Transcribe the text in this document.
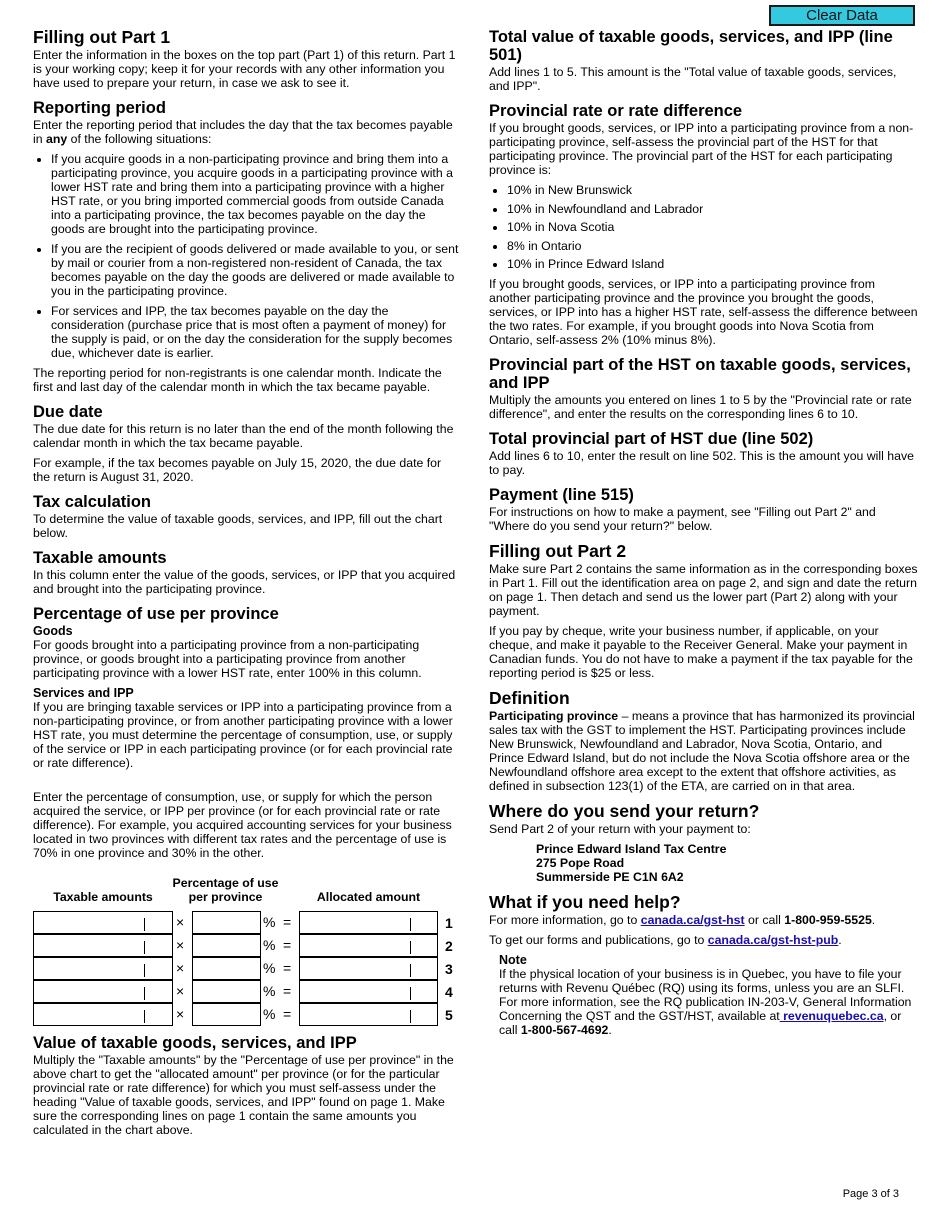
Clear Data
Filling out Part 1

Enter the information in the boxes on the top part (Part 1) of this return. Part 1 is your working copy; keep it for your records with any other information you have used to prepare your return, in case we ask to see it.

Reporting period

Enter the reporting period that includes the day that the tax becomes payable in any of the following situations:

• If you acquire goods in a non-participating province and bring them into a participating province, you acquire goods in a participating province with a lower HST rate and bring them into a participating province with a higher HST rate, or you bring imported commercial goods from outside Canada into a participating province, the tax becomes payable on the day the goods are brought into the participating province.
• If you are the recipient of goods delivered or made available to you, or sent by mail or courier from a non-registered non-resident of Canada, the tax becomes payable on the day the goods are delivered or made available to you in the participating province.
• For services and IPP, the tax becomes payable on the day the consideration (purchase price that is most often a payment of money) for the supply is paid, or on the day the consideration for the supply becomes due, whichever date is earlier.

The reporting period for non-registrants is one calendar month. Indicate the first and last day of the calendar month in which the tax became payable.

Due date

The due date for this return is no later than the end of the month following the calendar month in which the tax became payable.

For example, if the tax becomes payable on July 15, 2020, the due date for the return is August 31, 2020.

Tax calculation

To determine the value of taxable goods, services, and IPP, fill out the chart below.

Taxable amounts

In this column enter the value of the goods, services, or IPP that you acquired and brought into the participating province.

Percentage of use per province
Goods

For goods brought into a participating province from a non-participating province, or goods brought into a participating province from another participating province with a lower HST rate, enter 100% in this column.

Services and IPP

If you are bringing taxable services or IPP into a participating province from a non-participating province, or from another participating province with a lower HST rate, you must determine the percentage of consumption, use, or supply of the service or IPP in each participating province (or for each provincial rate or rate difference).

Enter the percentage of consumption, use, or supply for which the person acquired the service, or IPP per province (or for each provincial rate or rate difference). For example, you acquired accounting services for your business located in two provinces with different tax rates and the percentage of use is 70% in one province and 30% in the other.

Taxable amounts
Percentage of use per province	Allocated amount
×	% =	1
×	% =	2
×	% =	3
×	% =	4
×	% =	5
Value of taxable goods, services, and IPP

Multiply the "Taxable amounts" by the "Percentage of use per province" in the above chart to get the "allocated amount" per province (or for the particular provincial rate or rate difference) for which you must self-assess under the heading "Value of taxable goods, services, and IPP" found on page 1. Make sure the corresponding lines on page 1 contain the same amounts you calculated in the chart above.

Total value of taxable goods, services, and IPP (line 501)

Add lines 1 to 5. This amount is the "Total value of taxable goods, services, and IPP".

Provincial rate or rate difference

If you brought goods, services, or IPP into a participating province from a non-participating province, self-assess the provincial part of the HST for that participating province. The provincial part of the HST for each participating province is:

• 10% in New Brunswick
• 10% in Newfoundland and Labrador
• 10% in Nova Scotia
• 8% in Ontario
• 10% in Prince Edward Island

If you brought goods, services, or IPP into a participating province from another participating province and the province you brought the goods, services, or IPP into has a higher HST rate, self-assess the difference between the two rates. For example, if you brought goods into Nova Scotia from Ontario, self-assess 2% (10% minus 8%).

Provincial part of the HST on taxable goods, services, and IPP

Multiply the amounts you entered on lines 1 to 5 by the "Provincial rate or rate difference", and enter the results on the corresponding lines 6 to 10.

Total provincial part of HST due (line 502)

Add lines 6 to 10, enter the result on line 502. This is the amount you will have to pay.

Payment (line 515)

For instructions on how to make a payment, see "Filling out Part 2" and "Where do you send your return?" below.

Filling out Part 2

Make sure Part 2 contains the same information as in the corresponding boxes in Part 1. Fill out the identification area on page 2, and sign and date the return on page 1. Then detach and send us the lower part (Part 2) along with your payment.

If you pay by cheque, write your business number, if applicable, on your cheque, and make it payable to the Receiver General. Make your payment in Canadian funds. You do not have to make a payment if the tax payable for the reporting period is $25 or less.

Definition

Participating province – means a province that has harmonized its provincial sales tax with the GST to implement the HST. Participating provinces include New Brunswick, Newfoundland and Labrador, Nova Scotia, Ontario, and Prince Edward Island, but do not include the Nova Scotia offshore area or the Newfoundland offshore area except to the extent that offshore activities, as defined in subsection 123(1) of the ETA, are carried on in that area.

Where do you send your return?

Send Part 2 of your return with your payment to:

Prince Edward Island Tax Centre
275 Pope Road
Summerside PE C1N 6A2
What if you need help?

For more information, go to canada.ca/gst-hst or call 1-800-959-5525.

To get our forms and publications, go to canada.ca/gst-hst-pub.

Note

If the physical location of your business is in Quebec, you have to file your returns with Revenu Québec (RQ) using its forms, unless you are an SLFI. For more information, see the RQ publication IN-203-V, General Information Concerning the QST and the GST/HST, available at revenuquebec.ca, or call 1-800-567-4692.

Page 3 of 3
